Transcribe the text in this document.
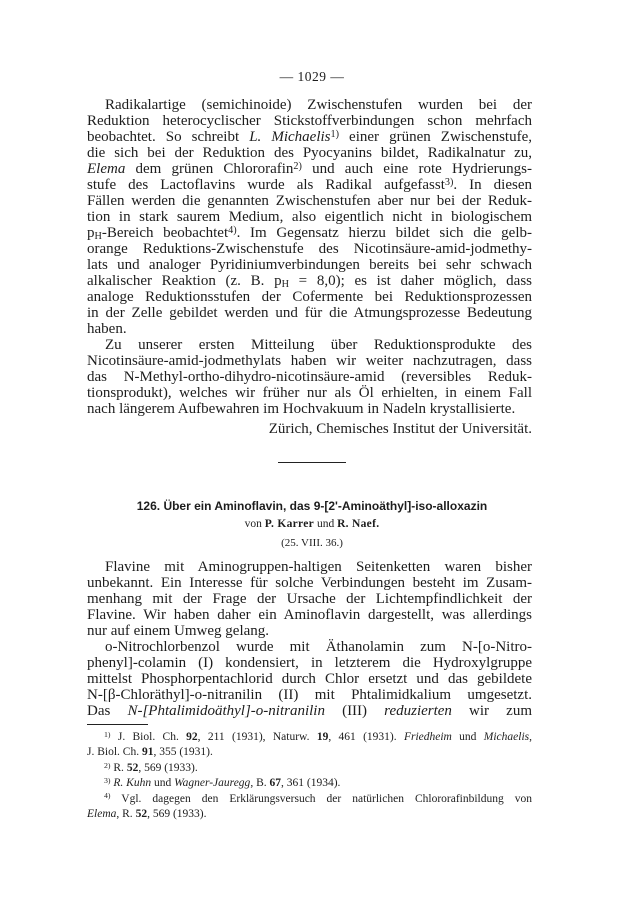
— 1029 —
Radikalartige (semichinoide) Zwischenstufen wurden bei der
Reduktion heterocyclischer Stickstoffverbindungen schon mehrfach
beobachtet. So schreibt L. Michaelis$^{1)}$ einer grünen Zwischenstufe,
die sich bei der Reduktion des Pyocyanins bildet, Radikalnatur zu,
Elema dem grünen Chlororafin$^{2)}$ und auch eine rote Hydrierungs-
stufe des Lactoflavins wurde als Radikal aufgefasst$^{3)}$. In diesen
Fällen werden die genannten Zwischenstufen aber nur bei der Reduk-
tion in stark saurem Medium, also eigentlich nicht in biologischem
pH-Bereich beobachtet$^{4)}$. Im Gegensatz hierzu bildet sich die gelb-
orange Reduktions-Zwischenstufe des Nicotinsäure-amid-jodmethy-
lats und analoger Pyridiniumverbindungen bereits bei sehr schwach
alkalischer Reaktion (z. B. pH = 8,0); es ist daher möglich, dass
analoge Reduktionsstufen der Cofermente bei Reduktionsprozessen
in der Zelle gebildet werden und für die Atmungsprozesse Bedeutung
haben.
Zu unserer ersten Mitteilung über Reduktionsprodukte des
Nicotinsäure-amid-jodmethylats haben wir weiter nachzutragen, dass
das N-Methyl-ortho-dihydro-nicotinsäure-amid (reversibles Reduk-
tionsprodukt), welches wir früher nur als Öl erhielten, in einem Fall
nach längerem Aufbewahren im Hochvakuum in Nadeln krystallisierte.
Zürich, Chemisches Institut der Universität.
126. Über ein Aminoflavin, das 9-[2'-Aminoäthyl]-iso-alloxazin
von P. Karrer und R. Naef.
(25. VIII. 36.)
Flavine mit Aminogruppen-haltigen Seitenketten waren bisher
unbekannt. Ein Interesse für solche Verbindungen besteht im Zusam-
menhang mit der Frage der Ursache der Lichtempfindlichkeit der
Flavine. Wir haben daher ein Aminoflavin dargestellt, was allerdings
nur auf einem Umweg gelang.
o-Nitrochlorbenzol wurde mit Äthanolamin zum N-[o-Nitro-
phenyl]-colamin (I) kondensiert, in letzterem die Hydroxylgruppe
mittelst Phosphorpentachlorid durch Chlor ersetzt und das gebildete
N-[β-Chloräthyl]-o-nitranilin (II) mit Phtalimidkalium umgesetzt.
Das N-[Phtalimidoäthyl]-o-nitranilin (III) reduzierten wir zum
$^{1)}$ J. Biol. Ch. 92, 211 (1931), Naturw. 19, 461 (1931). Friedheim und Michaelis,
J. Biol. Ch. 91, 355 (1931).
$^{2)}$ R. 52, 569 (1933).
$^{3)}$ R. Kuhn und Wagner-Jauregg, B. 67, 361 (1934).
$^{4)}$ Vgl. dagegen den Erklärungsversuch der natürlichen Chlororafinbildung von
Elema, R. 52, 569 (1933).
